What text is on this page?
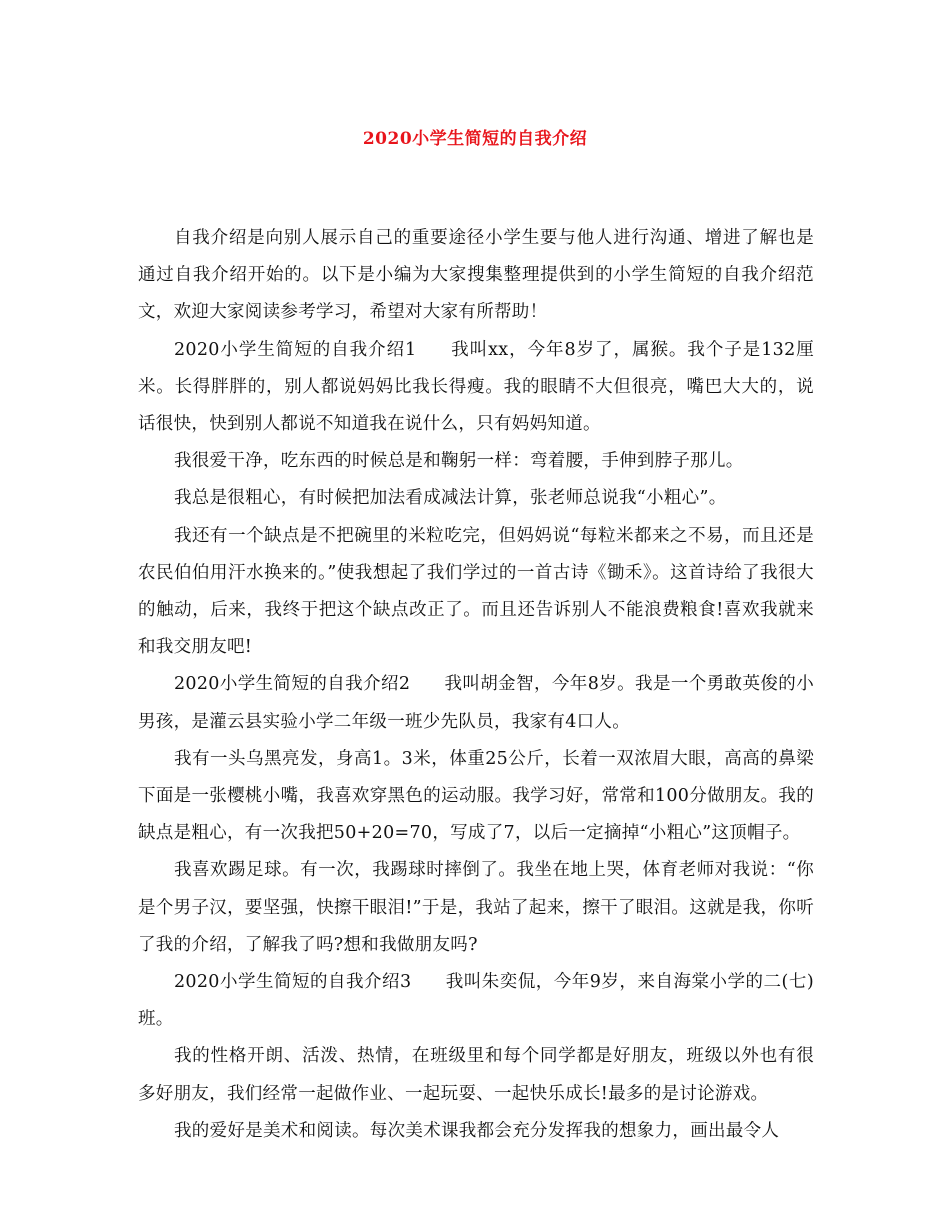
2020小学生简短的自我介绍

自我介绍是向别人展示自己的重要途径小学生要与他人进行沟通、增进了解也是通过自我介绍开始的。以下是小编为大家搜集整理提供到的小学生简短的自我介绍范文，欢迎大家阅读参考学习，希望对大家有所帮助！

2020小学生简短的自我介绍1 我叫xx，今年8岁了，属猴。我个子是132厘米。长得胖胖的，别人都说妈妈比我长得瘦。我的眼睛不大但很亮，嘴巴大大的，说话很快，快到别人都说不知道我在说什么，只有妈妈知道。

我很爱干净，吃东西的时候总是和鞠躬一样：弯着腰，手伸到脖子那儿。

我总是很粗心，有时候把加法看成减法计算，张老师总说我“小粗心”。

我还有一个缺点是不把碗里的米粒吃完，但妈妈说“每粒米都来之不易，而且还是农民伯伯用汗水换来的。”使我想起了我们学过的一首古诗《锄禾》。这首诗给了我很大的触动，后来，我终于把这个缺点改正了。而且还告诉别人不能浪费粮食!喜欢我就来和我交朋友吧!

2020小学生简短的自我介绍2 我叫胡金智，今年8岁。我是一个勇敢英俊的小男孩，是灌云县实验小学二年级一班少先队员，我家有4口人。

我有一头乌黑亮发，身高1。3米，体重25公斤，长着一双浓眉大眼，高高的鼻梁下面是一张樱桃小嘴，我喜欢穿黑色的运动服。我学习好，常常和100分做朋友。我的缺点是粗心，有一次我把50+20=70，写成了7，以后一定摘掉“小粗心”这顶帽子。

我喜欢踢足球。有一次，我踢球时摔倒了。我坐在地上哭，体育老师对我说：“你是个男子汉，要坚强，快擦干眼泪!”于是，我站了起来，擦干了眼泪。这就是我，你听了我的介绍，了解我了吗?想和我做朋友吗?

2020小学生简短的自我介绍3 我叫朱奕侃，今年9岁，来自海棠小学的二(七)班。

我的性格开朗、活泼、热情，在班级里和每个同学都是好朋友，班级以外也有很多好朋友，我们经常一起做作业、一起玩耍、一起快乐成长!最多的是讨论游戏。

我的爱好是美术和阅读。每次美术课我都会充分发挥我的想象力，画出最令人
